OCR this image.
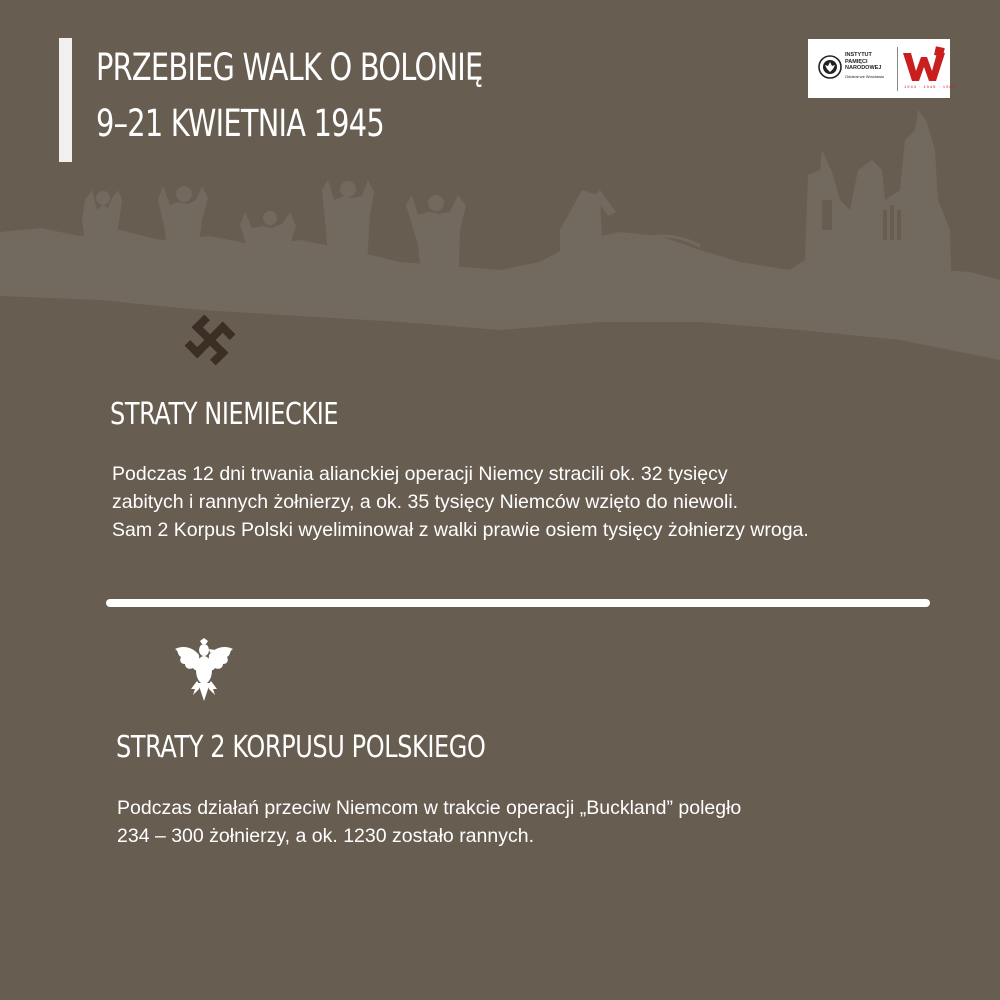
PRZEBIEG WALK O BOLONIĘ
9–21 KWIETNIA 1945
INSTYTUT
PAMIĘCI
NARODOWEJ
Oddział we Wrocławiu
1944 · 1945 · 1989
STRATY NIEMIECKIE
Podczas 12 dni trwania alianckiej operacji Niemcy stracili ok. 32 tysięcy
zabitych i rannych żołnierzy, a ok. 35 tysięcy Niemców wzięto do niewoli.
Sam 2 Korpus Polski wyeliminował z walki prawie osiem tysięcy żołnierzy wroga.
STRATY 2 KORPUSU POLSKIEGO
Podczas działań przeciw Niemcom w trakcie operacji „Buckland” poległo
234 – 300 żołnierzy, a ok. 1230 zostało rannych.
